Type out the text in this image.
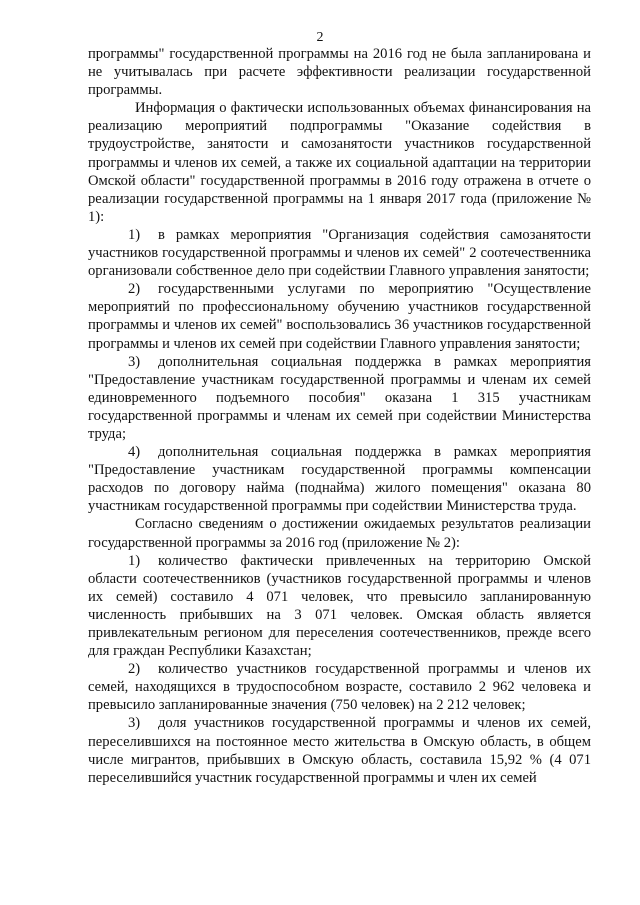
2

программы" государственной программы на 2016 год не была запланирована и не учитывалась при расчете эффективности реализации государственной программы.

Информация о фактически использованных объемах финансирования на реализацию мероприятий подпрограммы "Оказание содействия в трудоустройстве, занятости и самозанятости участников государственной программы и членов их семей, а также их социальной адаптации на территории Омской области" государственной программы в 2016 году отражена в отчете о реализации государственной программы на 1 января 2017 года (приложение № 1):

1) в рамках мероприятия "Организация содействия самозанятости участников государственной программы и членов их семей" 2 соотечественника организовали собственное дело при содействии Главного управления занятости;

2) государственными услугами по мероприятию "Осуществление мероприятий по профессиональному обучению участников государственной программы и членов их семей" воспользовались 36 участников государственной программы и членов их семей при содействии Главного управления занятости;

3) дополнительная социальная поддержка в рамках мероприятия "Предоставление участникам государственной программы и членам их семей единовременного подъемного пособия" оказана 1 315 участникам государственной программы и членам их семей при содействии Министерства труда;

4) дополнительная социальная поддержка в рамках мероприятия "Предоставление участникам государственной программы компенсации расходов по договору найма (поднайма) жилого помещения" оказана 80 участникам государственной программы при содействии Министерства труда.

Согласно сведениям о достижении ожидаемых результатов реализации государственной программы за 2016 год (приложение № 2):

1) количество фактически привлеченных на территорию Омской области соотечественников (участников государственной программы и членов их семей) составило 4 071 человек, что превысило запланированную численность прибывших на 3 071 человек. Омская область является привлекательным регионом для переселения соотечественников, прежде всего для граждан Республики Казахстан;

2) количество участников государственной программы и членов их семей, находящихся в трудоспособном возрасте, составило 2 962 человека и превысило запланированные значения (750 человек) на 2 212 человек;

3) доля участников государственной программы и членов их семей, переселившихся на постоянное место жительства в Омскую область, в общем числе мигрантов, прибывших в Омскую область, составила 15,92 % (4 071 переселившийся участник государственной программы и член их семей
